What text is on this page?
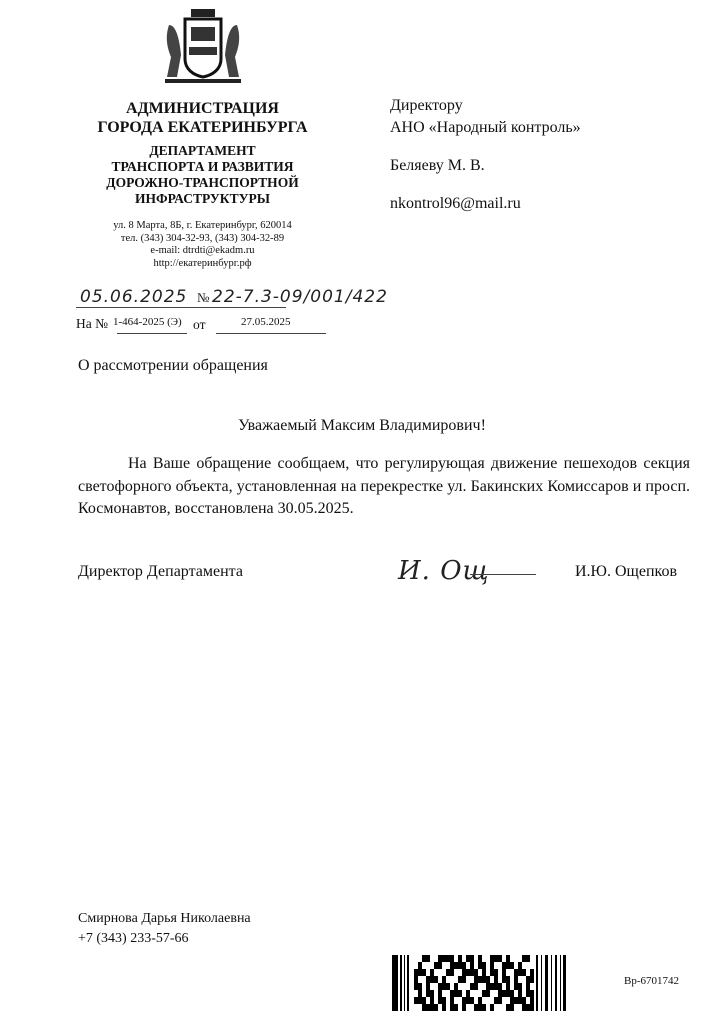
АДМИНИСТРАЦИЯ
ГОРОДА ЕКАТЕРИНБУРГА
ДЕПАРТАМЕНТ
ТРАНСПОРТА И РАЗВИТИЯ
ДОРОЖНО-ТРАНСПОРТНОЙ
ИНФРАСТРУКТУРЫ
ул. 8 Марта, 8Б, г. Екатеринбург, 620014
тел. (343) 304-32-93, (343) 304-32-89
e-mail: dtrdti@ekadm.ru
http://екатеринбург.рф
Директору
АНО «Народный контроль»
Беляеву М. В.
nkontrol96@mail.ru
05.06.2025 № 22-7.3-09/001/422
На № 1-464-2025 (Э) от	27.05.2025
О рассмотрении обращения
Уважаемый Максим Владимирович!
На Ваше обращение сообщаем, что регулирующая движение пешеходов секция светофорного объекта, установленная на перекрестке ул. Бакинских Комиссаров и просп. Космонавтов, восстановлена 30.05.2025.
Директор Департамента	И. Ощ	И.Ю. Ощепков
Смирнова Дарья Николаевна
+7 (343) 233-57-66
Вр-6701742
